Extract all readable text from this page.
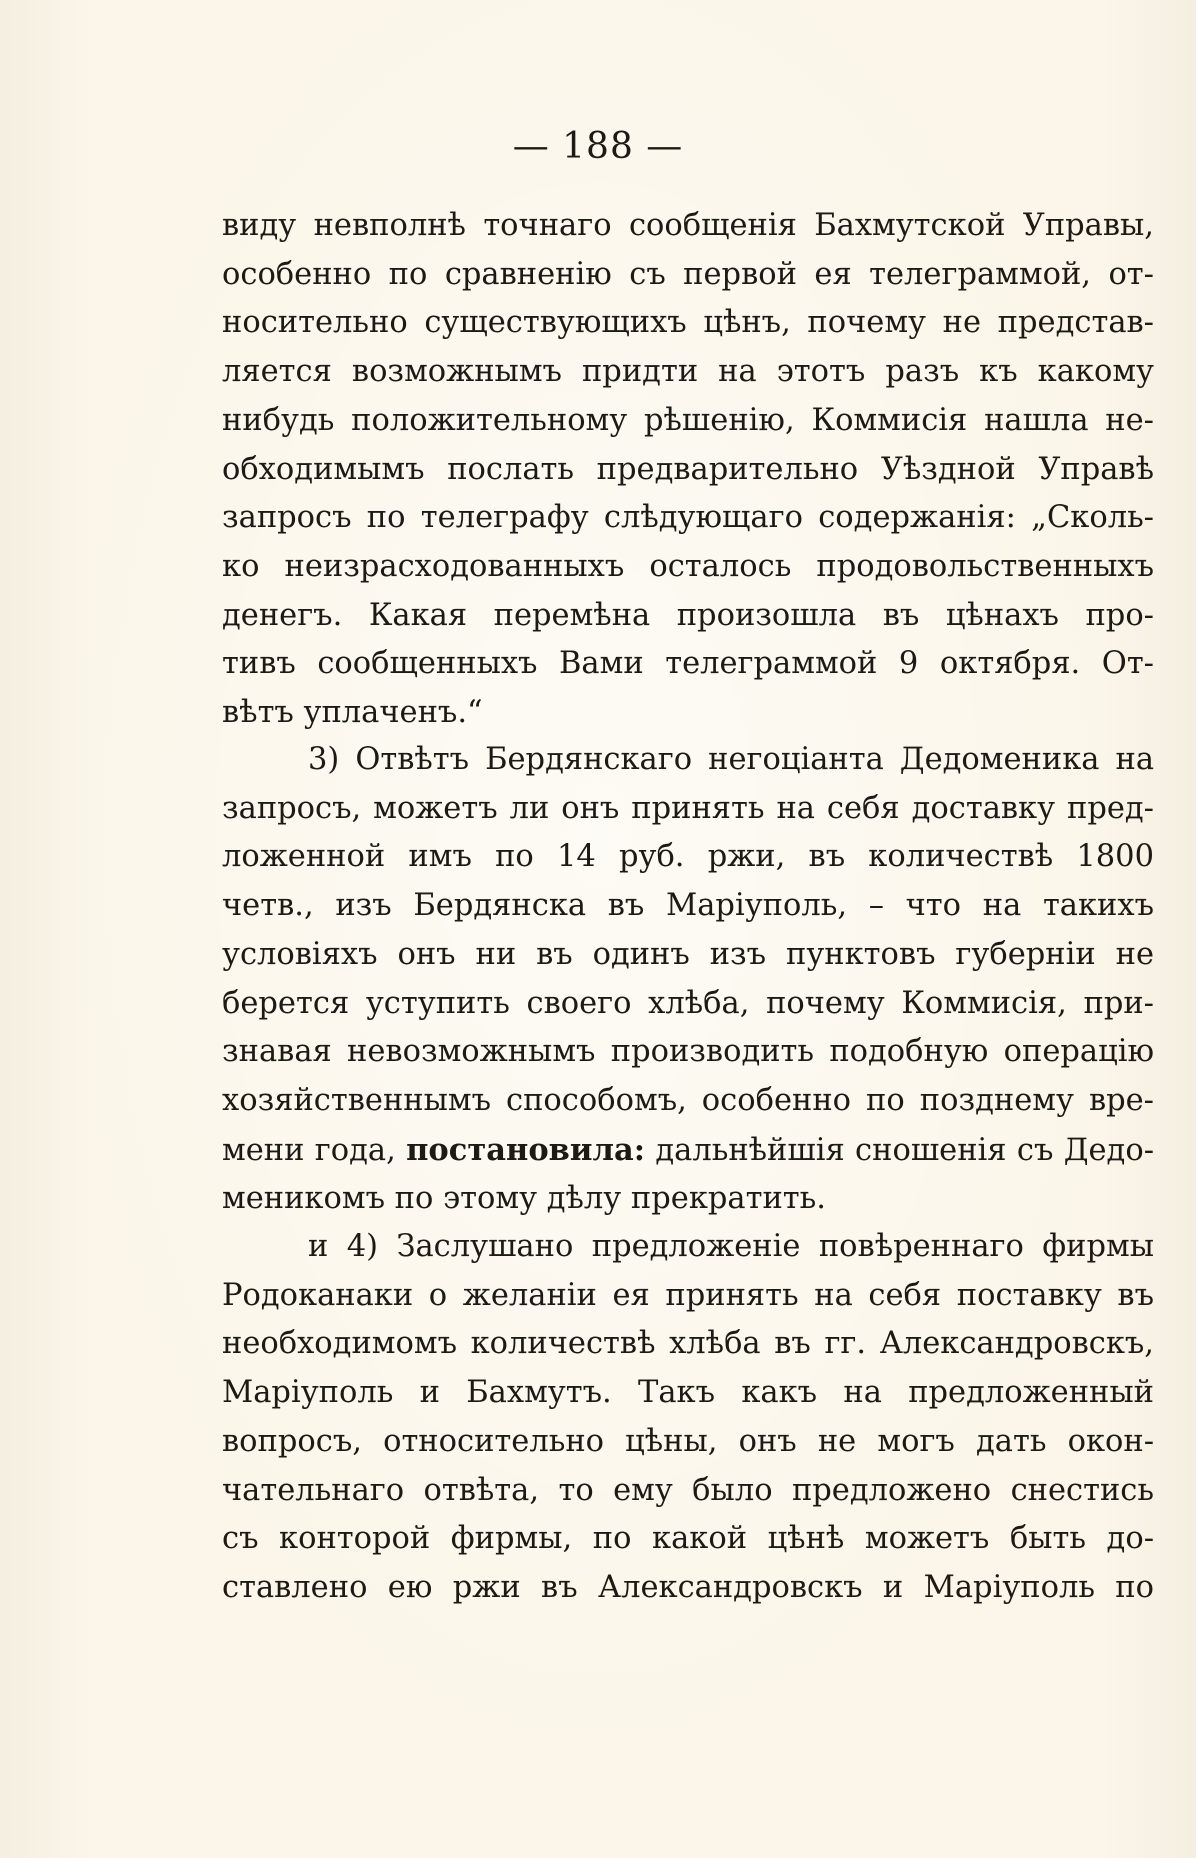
— 188 —
виду невполнѣ точнаго сообщенія Бахмутской Управы,
особенно по сравненію съ первой ея телеграммой, от-
носительно существующихъ цѣнъ, почему не представ-
ляется возможнымъ придти на этотъ разъ къ какому
нибудь положительному рѣшенію, Коммисія нашла не-
обходимымъ послать предварительно Уѣздной Управѣ
запросъ по телеграфу слѣдующаго содержанія: „Сколь-
ко неизрасходованныхъ осталось продовольственныхъ
денегъ. Какая перемѣна произошла въ цѣнахъ про-
тивъ сообщенныхъ Вами телеграммой 9 октября. От-
вѣтъ уплаченъ.“
3) Отвѣтъ Бердянскаго негоціанта Дедоменика на
запросъ, можетъ ли онъ принять на себя доставку пред-
ложенной имъ по 14 руб. ржи, въ количествѣ 1800
четв., изъ Бердянска въ Маріуполь, – что на такихъ
условіяхъ онъ ни въ одинъ изъ пунктовъ губерніи не
берется уступить своего хлѣба, почему Коммисія, при-
знавая невозможнымъ производить подобную операцію
хозяйственнымъ способомъ, особенно по позднему вре-
мени года, постановила: дальнѣйшія сношенія съ Дедо-
меникомъ по этому дѣлу прекратить.
и 4) Заслушано предложеніе повѣреннаго фирмы
Родоканаки о желаніи ея принять на себя поставку въ
необходимомъ количествѣ хлѣба въ гг. Александровскъ,
Маріуполь и Бахмутъ. Такъ какъ на предложенный
вопросъ, относительно цѣны, онъ не могъ дать окон-
чательнаго отвѣта, то ему было предложено снестись
съ конторой фирмы, по какой цѣнѣ можетъ быть до-
ставлено ею ржи въ Александровскъ и Маріуполь по
